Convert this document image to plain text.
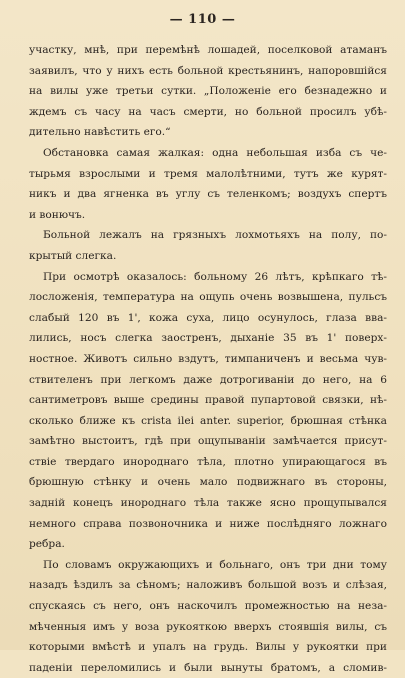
— 110 —
участку, мнѣ, при перемѣнѣ лошадей, поселковой атаманъ
заявилъ, что у нихъ есть больной крестьянинъ, напоровшійся
на вилы уже третьи сутки. „Положеніе его безнадежно и
ждемъ съ часу на часъ смерти, но больной просилъ убѣ-
дительно навѣстить его.“
Обстановка самая жалкая: одна небольшая изба съ че-
тырьмя взрослыми и тремя малолѣтними, тутъ же курят-
никъ и два ягненка въ углу съ теленкомъ; воздухъ спертъ
и вонючъ.
Больной лежалъ на грязныхъ лохмотьяхъ на полу, по-
крытый слегка.
При осмотрѣ оказалось: больному 26 лѣтъ, крѣпкаго тѣ-
лосложенія, температура на ощупь очень возвышена, пульсъ
слабый 120 въ 1', кожа суха, лицо осунулось, глаза вва-
лились, носъ слегка заостренъ, дыханіе 35 въ 1' поверх-
ностное. Животъ сильно вздутъ, тимпаниченъ и весьма чув-
ствителенъ при легкомъ даже дотрогиваніи до него, на 6
сантиметровъ выше средины правой пупартовой связки, нѣ-
сколько ближе къ crista ilei anter. superior, брюшная стѣнка
замѣтно выстоитъ, гдѣ при ощупываніи замѣчается присут-
ствіе твердаго инороднаго тѣла, плотно упирающагося въ
брюшную стѣнку и очень мало подвижнаго въ стороны,
задній конецъ инороднаго тѣла также ясно прощупывался
немного справа позвоночника и ниже послѣдняго ложнаго
ребра.
По словамъ окружающихъ и больнаго, онъ три дни тому
назадъ ѣздилъ за сѣномъ; наложивъ большой возъ и слѣзая,
спускаясь съ него, онъ наскочилъ промежностью на неза-
мѣченныя имъ у воза рукояткою вверхъ стоявшія вилы, съ
которыми вмѣстѣ и упалъ на грудь. Вилы у рукоятки при
паденіи переломились и были вынуты братомъ, а сломив-
